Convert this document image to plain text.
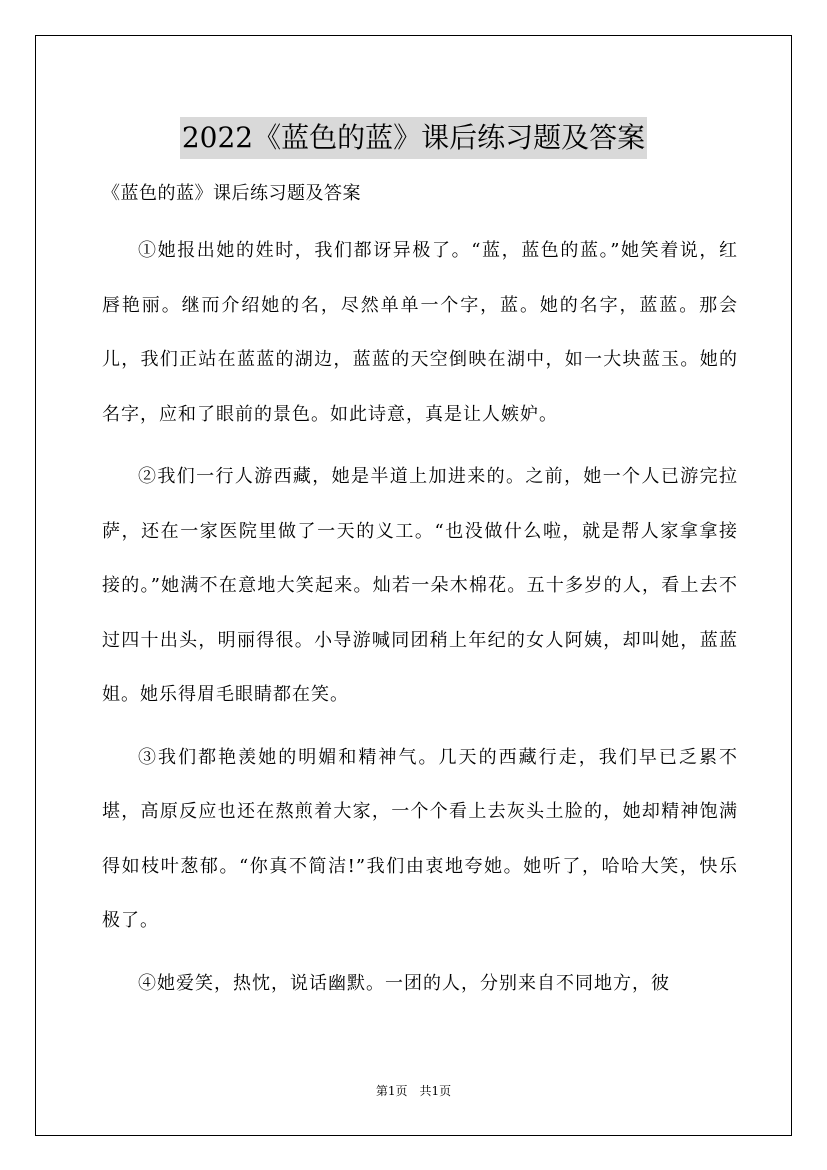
2022《蓝色的蓝》课后练习题及答案
《蓝色的蓝》课后练习题及答案

①她报出她的姓时，我们都讶异极了。“蓝，蓝色的蓝。”她笑着说，红唇艳丽。继而介绍她的名，尽然单单一个字，蓝。她的名字，蓝蓝。那会儿，我们正站在蓝蓝的湖边，蓝蓝的天空倒映在湖中，如一大块蓝玉。她的名字，应和了眼前的景色。如此诗意，真是让人嫉妒。

②我们一行人游西藏，她是半道上加进来的。之前，她一个人已游完拉萨，还在一家医院里做了一天的义工。“也没做什么啦，就是帮人家拿拿接接的。”她满不在意地大笑起来。灿若一朵木棉花。五十多岁的人，看上去不过四十出头，明丽得很。小导游喊同团稍上年纪的女人阿姨，却叫她，蓝蓝姐。她乐得眉毛眼睛都在笑。

③我们都艳羡她的明媚和精神气。几天的西藏行走，我们早已乏累不堪，高原反应也还在熬煎着大家，一个个看上去灰头土脸的，她却精神饱满得如枝叶葱郁。“你真不简洁!”我们由衷地夸她。她听了，哈哈大笑，快乐极了。

④她爱笑，热忱，说话幽默。一团的人，分别来自不同地方，彼

第1页　共1页
